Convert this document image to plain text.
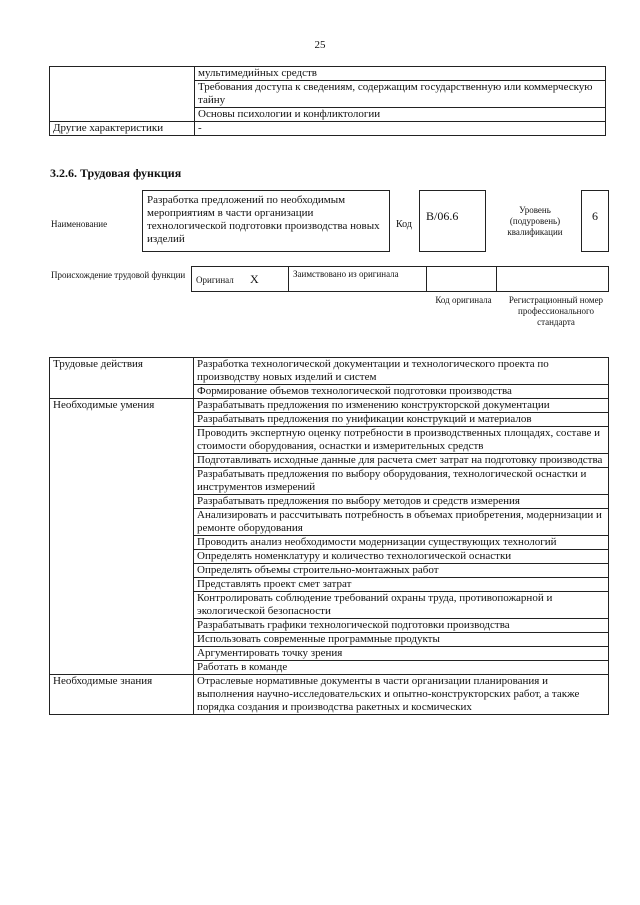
25
	мультимедийных средств
	Требования доступа к сведениям, содержащим государственную или коммерческую тайну
	Основы психологии и конфликтологии
Другие характеристики	-
3.2.6. Трудовая функция
Наименование
Разработка предложений по необходимым мероприятиям в части организации технологической подготовки производства новых изделий
Код
В/06.6	Уровень (подуровень) квалификации
6
Происхождение трудовой функции	Оригинал X	Заимствовано из оригинала
Код оригинала	Регистрационный номер профессионального стандарта
Трудовые действия	Разработка технологической документации и технологического проекта по производству новых изделий и систем
	Формирование объемов технологической подготовки производства
Необходимые умения	Разрабатывать предложения по изменению конструкторской документации
	Разрабатывать предложения по унификации конструкций и материалов
	Проводить экспертную оценку потребности в производственных площадях, составе и стоимости оборудования, оснастки и измерительных средств
	Подготавливать исходные данные для расчета смет затрат на подготовку производства
	Разрабатывать предложения по выбору оборудования, технологической оснастки и инструментов измерений
	Разрабатывать предложения по выбору методов и средств измерения
	Анализировать и рассчитывать потребность в объемах приобретения, модернизации и ремонте оборудования
	Проводить анализ необходимости модернизации существующих технологий
	Определять номенклатуру и количество технологической оснастки
	Определять объемы строительно-монтажных работ
	Представлять проект смет затрат
	Контролировать соблюдение требований охраны труда, противопожарной и экологической безопасности
	Разрабатывать графики технологической подготовки производства
	Использовать современные программные продукты
	Аргументировать точку зрения
	Работать в команде
Необходимые знания	Отраслевые нормативные документы в части организации планирования и выполнения научно-исследовательских и опытно-конструкторских работ, а также порядка создания и производства ракетных и космических
